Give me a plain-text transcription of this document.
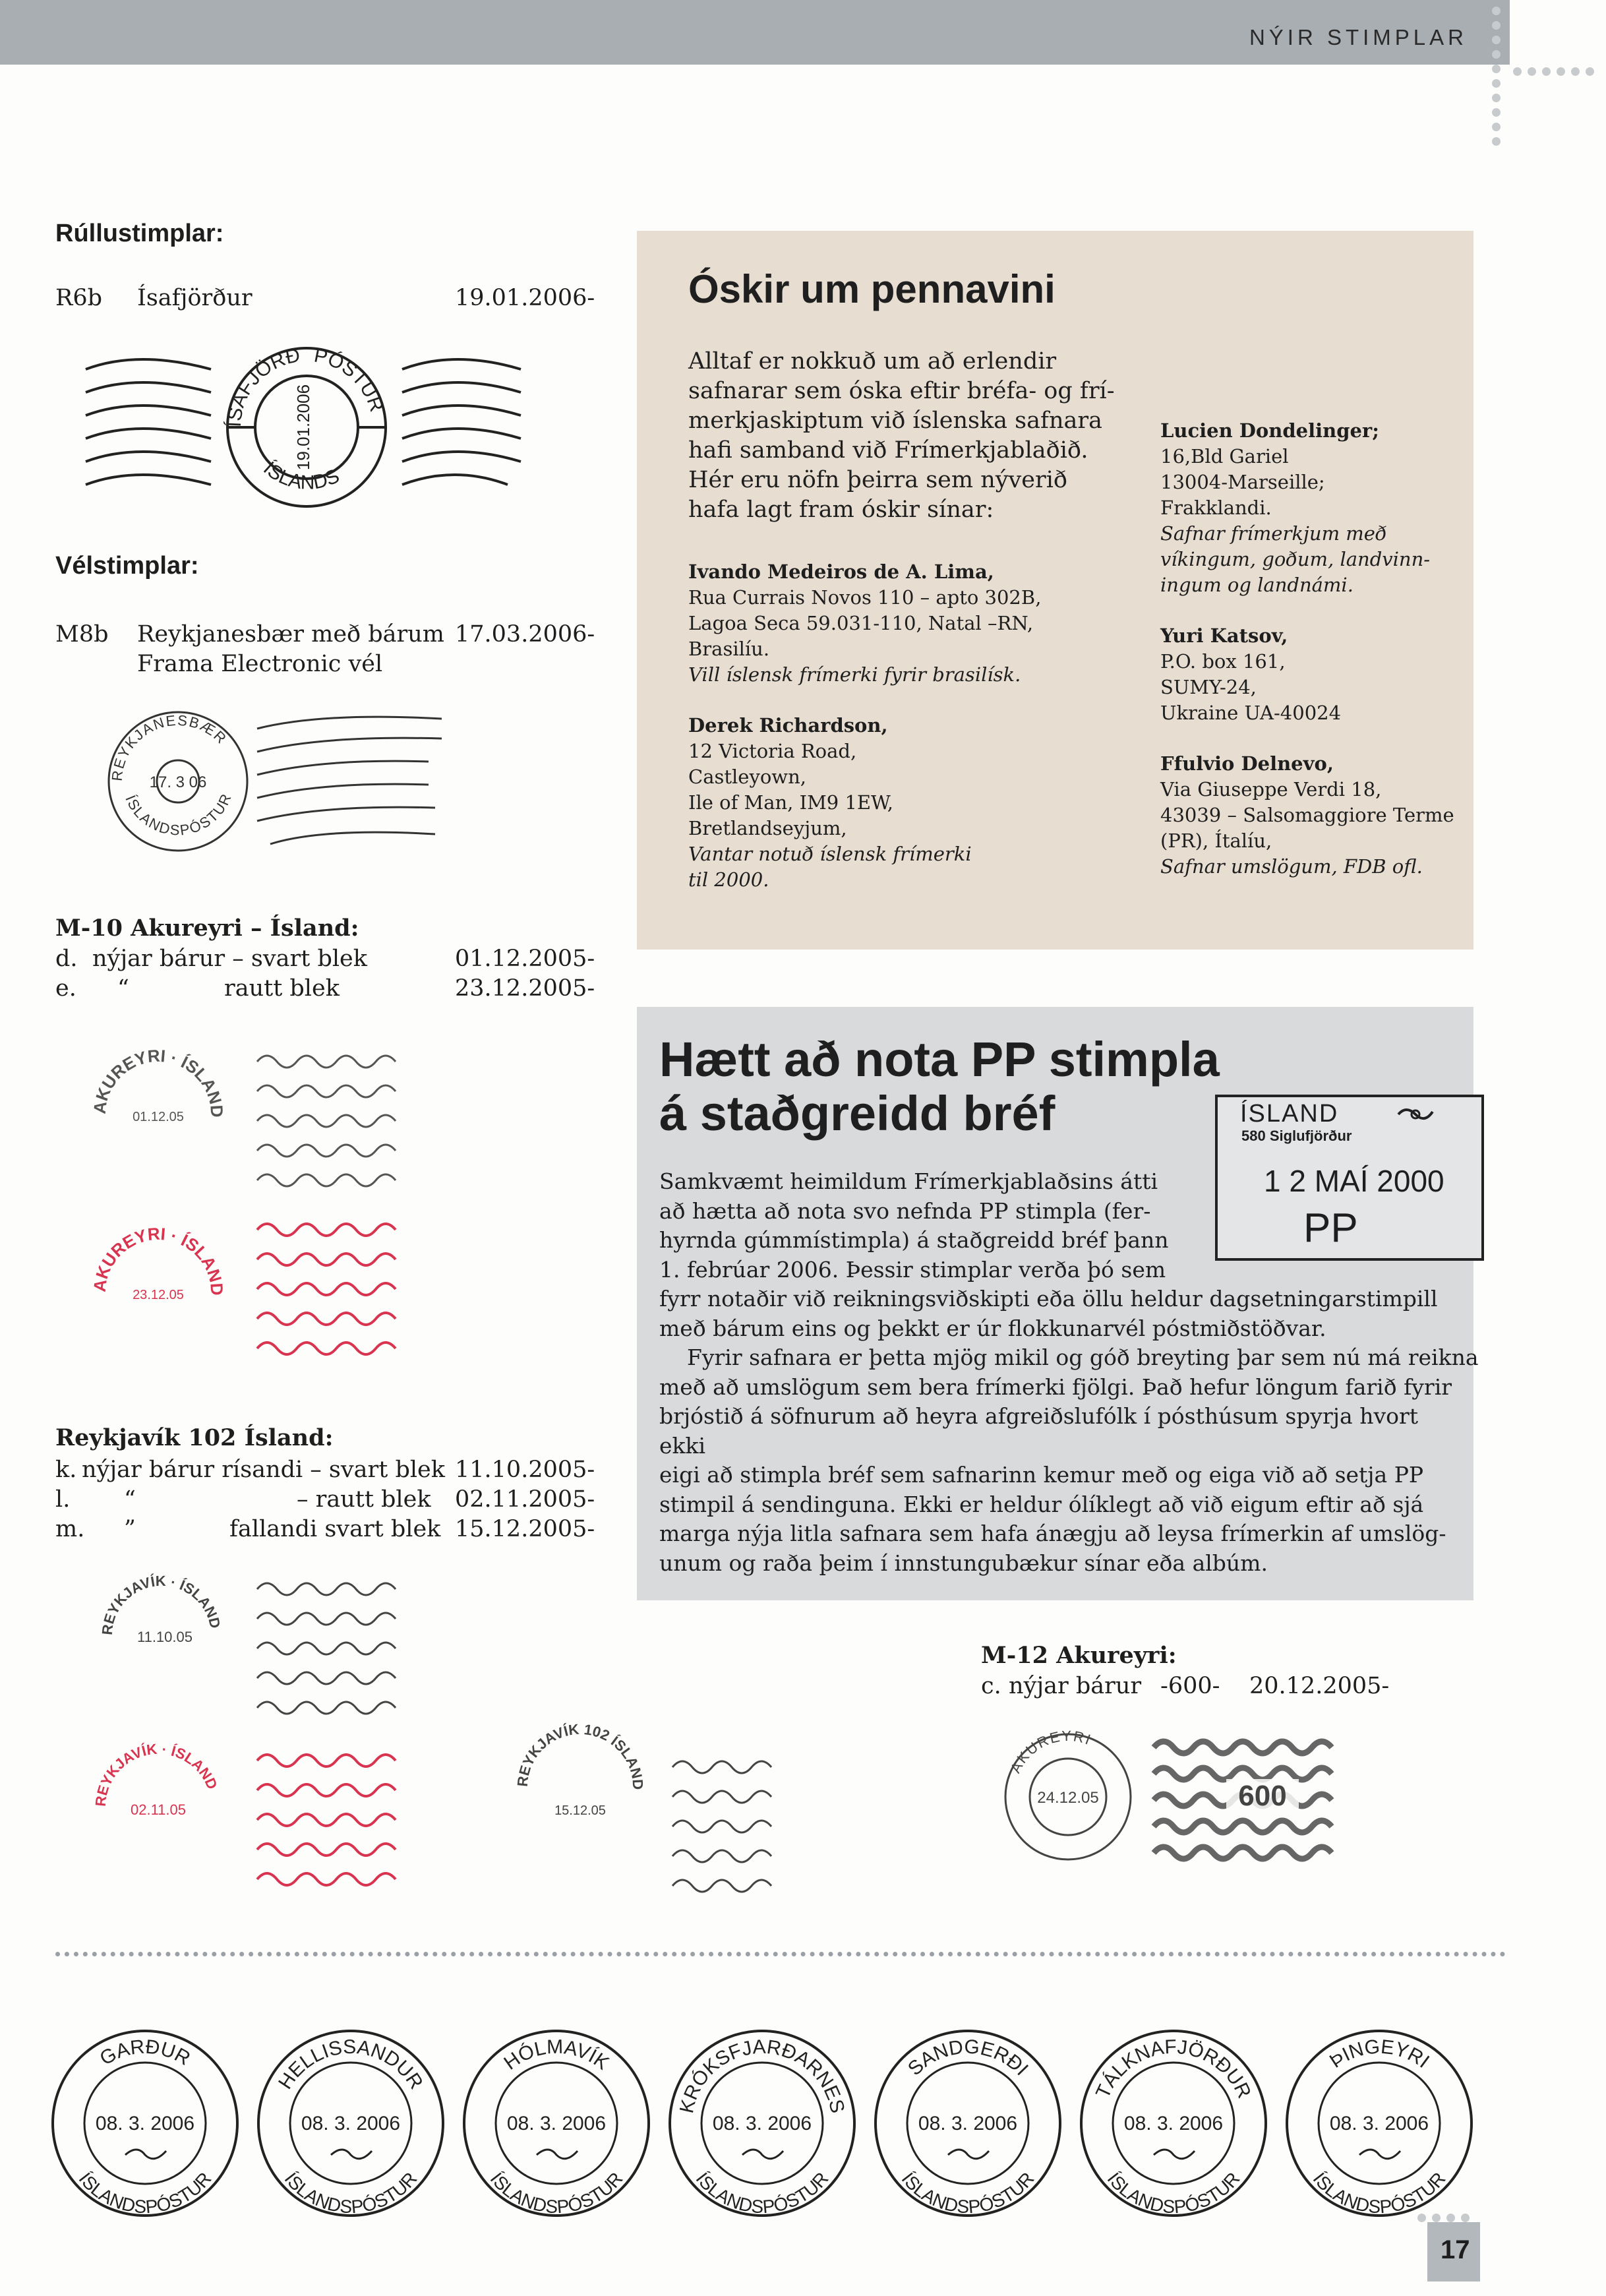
NÝIR STIMPLAR
Rúllustimplar:
R6b Ísafjörður	19.01.2006-
ÍSAFJÖRÐUR
PÓSTUR
ÍSLANDS
19.01.2006
Vélstimplar:
M8b Reykjanesbær með bárum
Frama Electronic vél
17.03.2006-
REYKJANESBÆR
ÍSLANDSPÓSTUR
17. 3 06
M-10 Akureyri – Ísland:
d. nýjar bárur – svart blek	01.12.2005-
e. “	rautt blek	23.12.2005-
AKUREYRI · ÍSLAND
01.12.05
AKUREYRI · ÍSLAND
23.12.05
Reykjavík 102 Ísland:
k. nýjar bárur rísandi – svart blek 11.10.2005-
l. “	– rautt blek 02.11.2005-
m. ”	fallandi svart blek 15.12.2005-
REYKJAVÍK · ÍSLAND
11.10.05
REYKJAVÍK · ÍSLAND
02.11.05
REYKJAVÍK 102 ÍSLAND
15.12.05
Óskir um pennavini
Alltaf er nokkuð um að erlendir
safnarar sem óska eftir bréfa- og frí-
merkjaskiptum við íslenska safnara
hafi samband við Frímerkjablaðið.
Hér eru nöfn þeirra sem nýverið
hafa lagt fram óskir sínar:
Ivando Medeiros de A. Lima,
Rua Currais Novos 110 – apto 302B,
Lagoa Seca 59.031-110, Natal –RN,
Brasilíu.
Vill íslensk frímerki fyrir brasilísk.
Derek Richardson,
12 Victoria Road,
Castleyown,
Ile of Man, IM9 1EW,
Bretlandseyjum,
Vantar notuð íslensk frímerki
til 2000.
Lucien Dondelinger;
16,Bld Gariel
13004-Marseille;
Frakklandi.
Safnar frímerkjum með
víkingum, goðum, landvinn-
ingum og landnámi.
Yuri Katsov,
P.O. box 161,
SUMY-24,
Ukraine UA-40024
Ffulvio Delnevo,
Via Giuseppe Verdi 18,
43039 – Salsomaggiore Terme
(PR), Ítalíu,
Safnar umslögum, FDB ofl.
Hætt að nota PP stimpla
á staðgreidd bréf	ÍSLAND
580 Siglufjörður
1 2 MAÍ 2000
PP
Samkvæmt heimildum Frímerkjablaðsins átti
að hætta að nota svo nefnda PP stimpla (fer-
hyrnda gúmmístimpla) á staðgreidd bréf þann
1. febrúar 2006. Þessir stimplar verða þó sem
fyrr notaðir við reikningsviðskipti eða öllu heldur dagsetningarstimpill
með bárum eins og þekkt er úr flokkunarvél póstmiðstöðvar.
Fyrir safnara er þetta mjög mikil og góð breyting þar sem nú má reikna
með að umslögum sem bera frímerki fjölgi. Það hefur löngum farið fyrir
brjóstið á söfnurum að heyra afgreiðslufólk í pósthúsum spyrja hvort ekki
eigi að stimpla bréf sem safnarinn kemur með og eiga við að setja PP
stimpil á sendinguna. Ekki er heldur ólíklegt að við eigum eftir að sjá
marga nýja litla safnara sem hafa ánægju að leysa frímerkin af umslög-
unum og raða þeim í innstungubækur sínar eða albúm.
M-12 Akureyri:
c. nýjar bárur -600- 20.12.2005-
AKUREYRI
24.12.05	600
GARÐUR
ÍSLANDSPÓSTUR
08. 3. 2006
HELLISSANDUR
ÍSLANDSPÓSTUR
08. 3. 2006
HÓLMAVÍK
ÍSLANDSPÓSTUR
08. 3. 2006
KRÓKSFJARÐARNES
ÍSLANDSPÓSTUR
08. 3. 2006
SANDGERÐI
ÍSLANDSPÓSTUR
08. 3. 2006
TÁLKNAFJÖRÐUR
ÍSLANDSPÓSTUR
08. 3. 2006
ÞINGEYRI
ÍSLANDSPÓSTUR
08. 3. 2006
17
